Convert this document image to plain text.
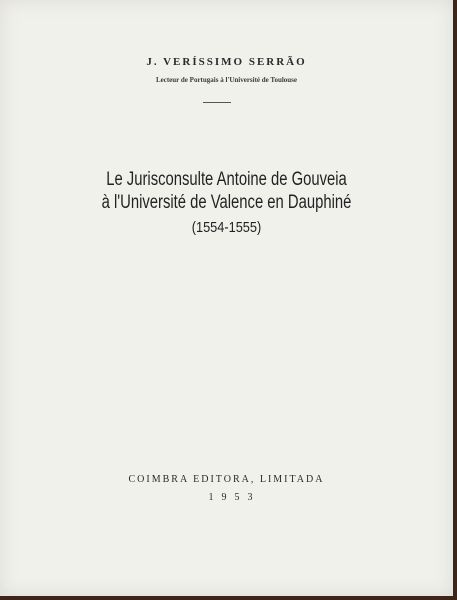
J. VERÍSSIMO SERRÃO
Lecteur de Portugais à l'Université de Toulouse
Le Jurisconsulte Antoine de Gouveia
à l'Université de Valence en Dauphiné
(1554-1555)
COIMBRA EDITORA, LIMITADA
1953
